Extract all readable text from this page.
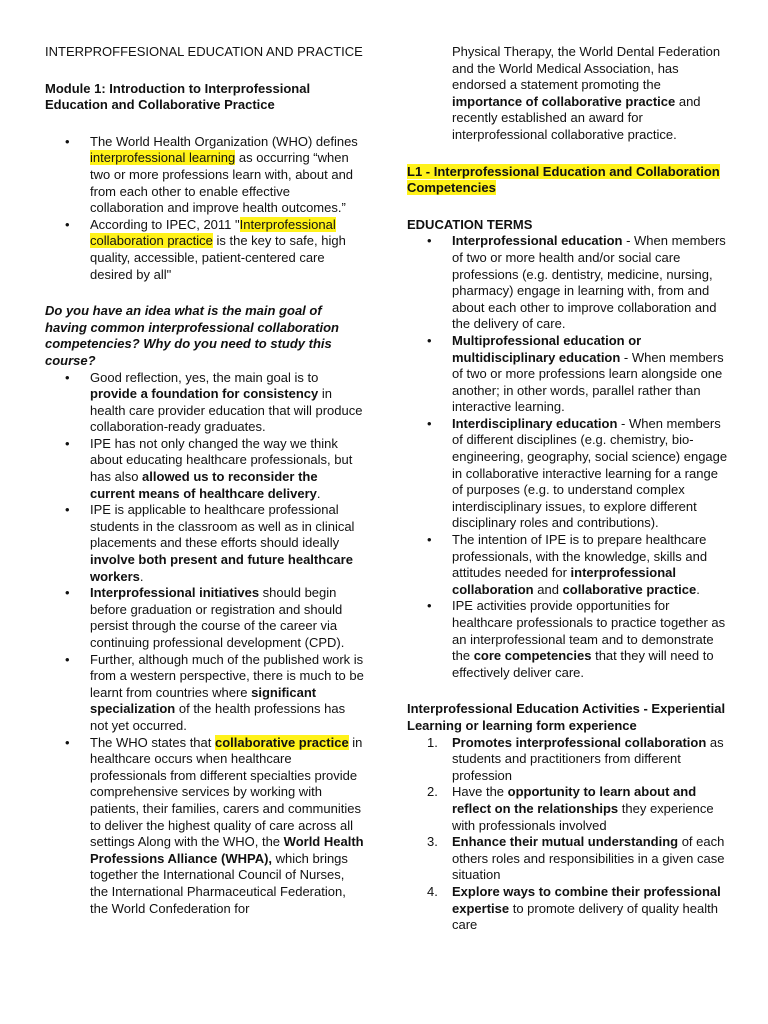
INTERPROFFESIONAL EDUCATION AND PRACTICE

Module 1: Introduction to Interprofessional Education and Collaborative Practice

• The World Health Organization (WHO) defines interprofessional learning as occurring “when two or more professions learn with, about and from each other to enable effective collaboration and improve health outcomes.”
• According to IPEC, 2011 "Interprofessional collaboration practice is the key to safe, high quality, accessible, patient-centered care desired by all"

Do you have an idea what is the main goal of having common interprofessional collaboration competencies? Why do you need to study this course?

• Good reflection, yes, the main goal is to provide a foundation for consistency in health care provider education that will produce collaboration-ready graduates.
• IPE has not only changed the way we think about educating healthcare professionals, but has also allowed us to reconsider the current means of healthcare delivery.
• IPE is applicable to healthcare professional students in the classroom as well as in clinical placements and these efforts should ideally involve both present and future healthcare workers.
• Interprofessional initiatives should begin before graduation or registration and should persist through the course of the career via continuing professional development (CPD).
• Further, although much of the published work is from a western perspective, there is much to be learnt from countries where significant specialization of the health professions has not yet occurred.
• The WHO states that collaborative practice in healthcare occurs when healthcare professionals from different specialties provide comprehensive services by working with patients, their families, carers and communities to deliver the highest quality of care across all settings Along with the WHO, the World Health Professions Alliance (WHPA), which brings together the International Council of Nurses, the International Pharmaceutical Federation, the World Confederation for

Physical Therapy, the World Dental Federation and the World Medical Association, has endorsed a statement promoting the importance of collaborative practice and recently established an award for interprofessional collaborative practice.

L1 - Interprofessional Education and Collaboration Competencies

EDUCATION TERMS

• Interprofessional education - When members of two or more health and/or social care professions (e.g. dentistry, medicine, nursing, pharmacy) engage in learning with, from and about each other to improve collaboration and the delivery of care.
• Multiprofessional education or multidisciplinary education - When members of two or more professions learn alongside one another; in other words, parallel rather than interactive learning.
• Interdisciplinary education - When members of different disciplines (e.g. chemistry, bio-engineering, geography, social science) engage in collaborative interactive learning for a range of purposes (e.g. to understand complex interdisciplinary issues, to explore different disciplinary roles and contributions).
• The intention of IPE is to prepare healthcare professionals, with the knowledge, skills and attitudes needed for interprofessional collaboration and collaborative practice.
• IPE activities provide opportunities for healthcare professionals to practice together as an interprofessional team and to demonstrate the core competencies that they will need to effectively deliver care.

Interprofessional Education Activities - Experiential Learning or learning form experience

1. Promotes interprofessional collaboration as students and practitioners from different profession
2. Have the opportunity to learn about and reflect on the relationships they experience with professionals involved
3. Enhance their mutual understanding of each others roles and responsibilities in a given case situation
4. Explore ways to combine their professional expertise to promote delivery of quality health care
